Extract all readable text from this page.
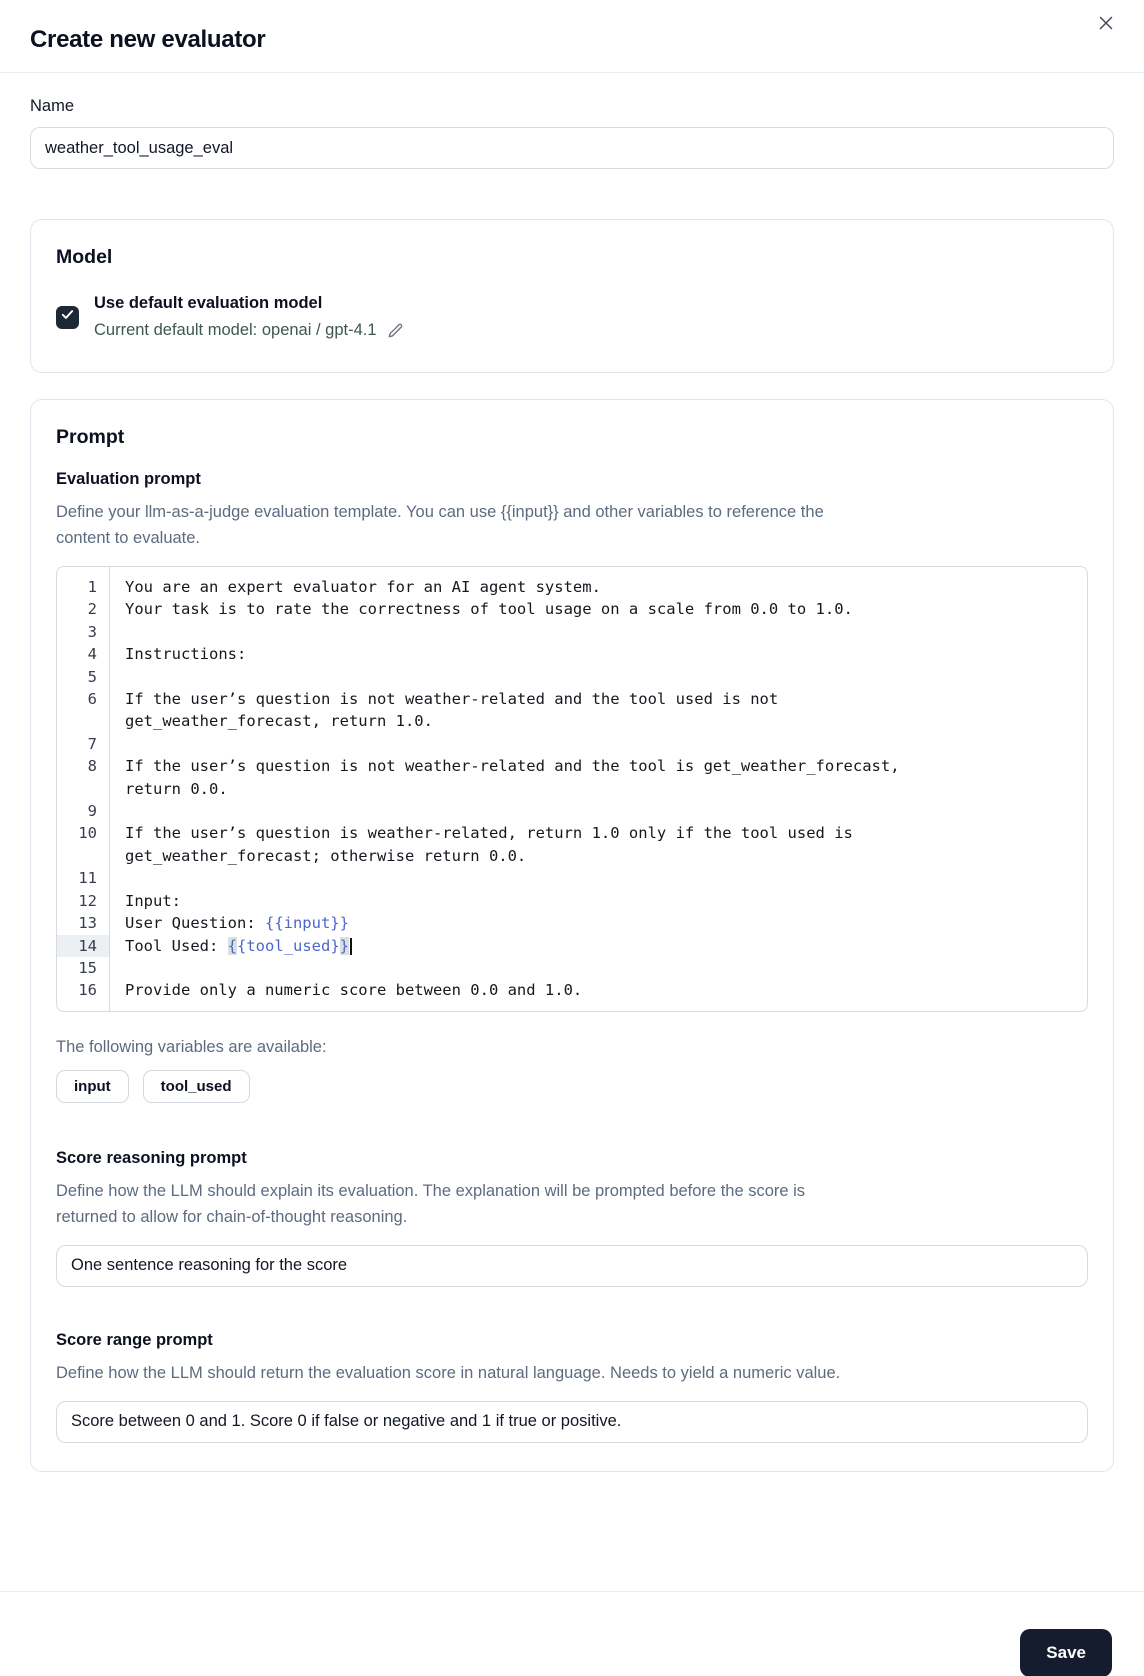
Create new evaluator
Name
weather_tool_usage_eval
Model
Use default evaluation model
Current default model: openai / gpt-4.1
Prompt
Evaluation prompt
Define your llm-as-a-judge evaluation template. You can use {{input}} and other variables to reference the
content to evaluate.
1	You are an expert evaluator for an AI agent system.
2	Your task is to rate the correctness of tool usage on a scale from 0.0 to 1.0.
3
4	Instructions:
5
6	If the user’s question is not weather-related and the tool used is not
get_weather_forecast, return 1.0.
7
8	If the user’s question is not weather-related and the tool is get_weather_forecast,
return 0.0.
9
10	If the user’s question is weather-related, return 1.0 only if the tool used is
get_weather_forecast; otherwise return 0.0.
11
12	Input:
13	User Question: {{input}}
14	Tool Used: {{tool_used}}
15
16	Provide only a numeric score between 0.0 and 1.0.
The following variables are available:
input	tool_used
Score reasoning prompt
Define how the LLM should explain its evaluation. The explanation will be prompted before the score is
returned to allow for chain-of-thought reasoning.
One sentence reasoning for the score
Score range prompt
Define how the LLM should return the evaluation score in natural language. Needs to yield a numeric value.
Score between 0 and 1. Score 0 if false or negative and 1 if true or positive.
Save
